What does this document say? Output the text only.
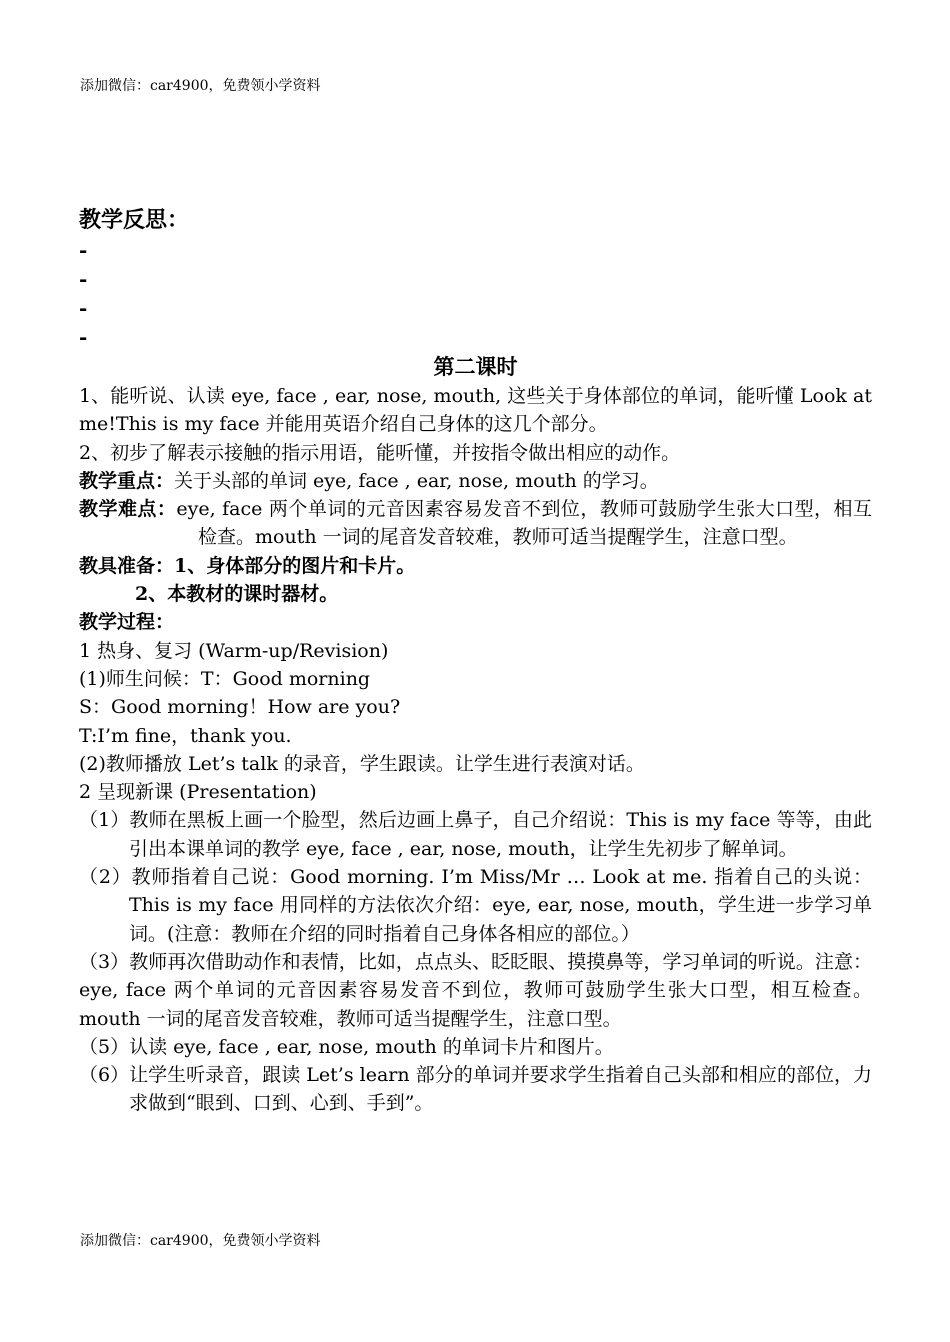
添加微信：car4900，免费领小学资料
教学反思：
-
-
-
-
第二课时
1、能听说、认读 eye, face , ear, nose, mouth, 这些关于身体部位的单词，能听懂 Look at me!This is my face 并能用英语介绍自己身体的这几个部分。
2、初步了解表示接触的指示用语，能听懂，并按指令做出相应的动作。
教学重点：关于头部的单词 eye, face , ear, nose, mouth 的学习。
教学难点：eye, face 两个单词的元音因素容易发音不到位，教师可鼓励学生张大口型，相互检查。mouth 一词的尾音发音较难，教师可适当提醒学生，注意口型。
教具准备：1、身体部分的图片和卡片。
2、本教材的课时器材。
教学过程：
1 热身、复习 (Warm-up/Revision)
(1)师生问候：T：Good morning
S：Good morning！How are you?
T:I’m fine，thank you.
(2)教师播放 Let’s talk 的录音，学生跟读。让学生进行表演对话。
2 呈现新课 (Presentation)
（1）教师在黑板上画一个脸型，然后边画上鼻子，自己介绍说：This is my face 等等，由此引出本课单词的教学 eye, face , ear, nose, mouth，让学生先初步了解单词。
（2）教师指着自己说：Good morning. I’m Miss/Mr … Look at me. 指着自己的头说：This is my face 用同样的方法依次介绍：eye, ear, nose, mouth，学生进一步学习单词。(注意：教师在介绍的同时指着自己身体各相应的部位。）
（3）教师再次借助动作和表情，比如，点点头、眨眨眼、摸摸鼻等，学习单词的听说。注意：eye, face 两个单词的元音因素容易发音不到位，教师可鼓励学生张大口型，相互检查。mouth 一词的尾音发音较难，教师可适当提醒学生，注意口型。
（5）认读 eye, face , ear, nose, mouth 的单词卡片和图片。
（6）让学生听录音，跟读 Let’s learn 部分的单词并要求学生指着自己头部和相应的部位，力求做到“眼到、口到、心到、手到”。
添加微信：car4900，免费领小学资料
